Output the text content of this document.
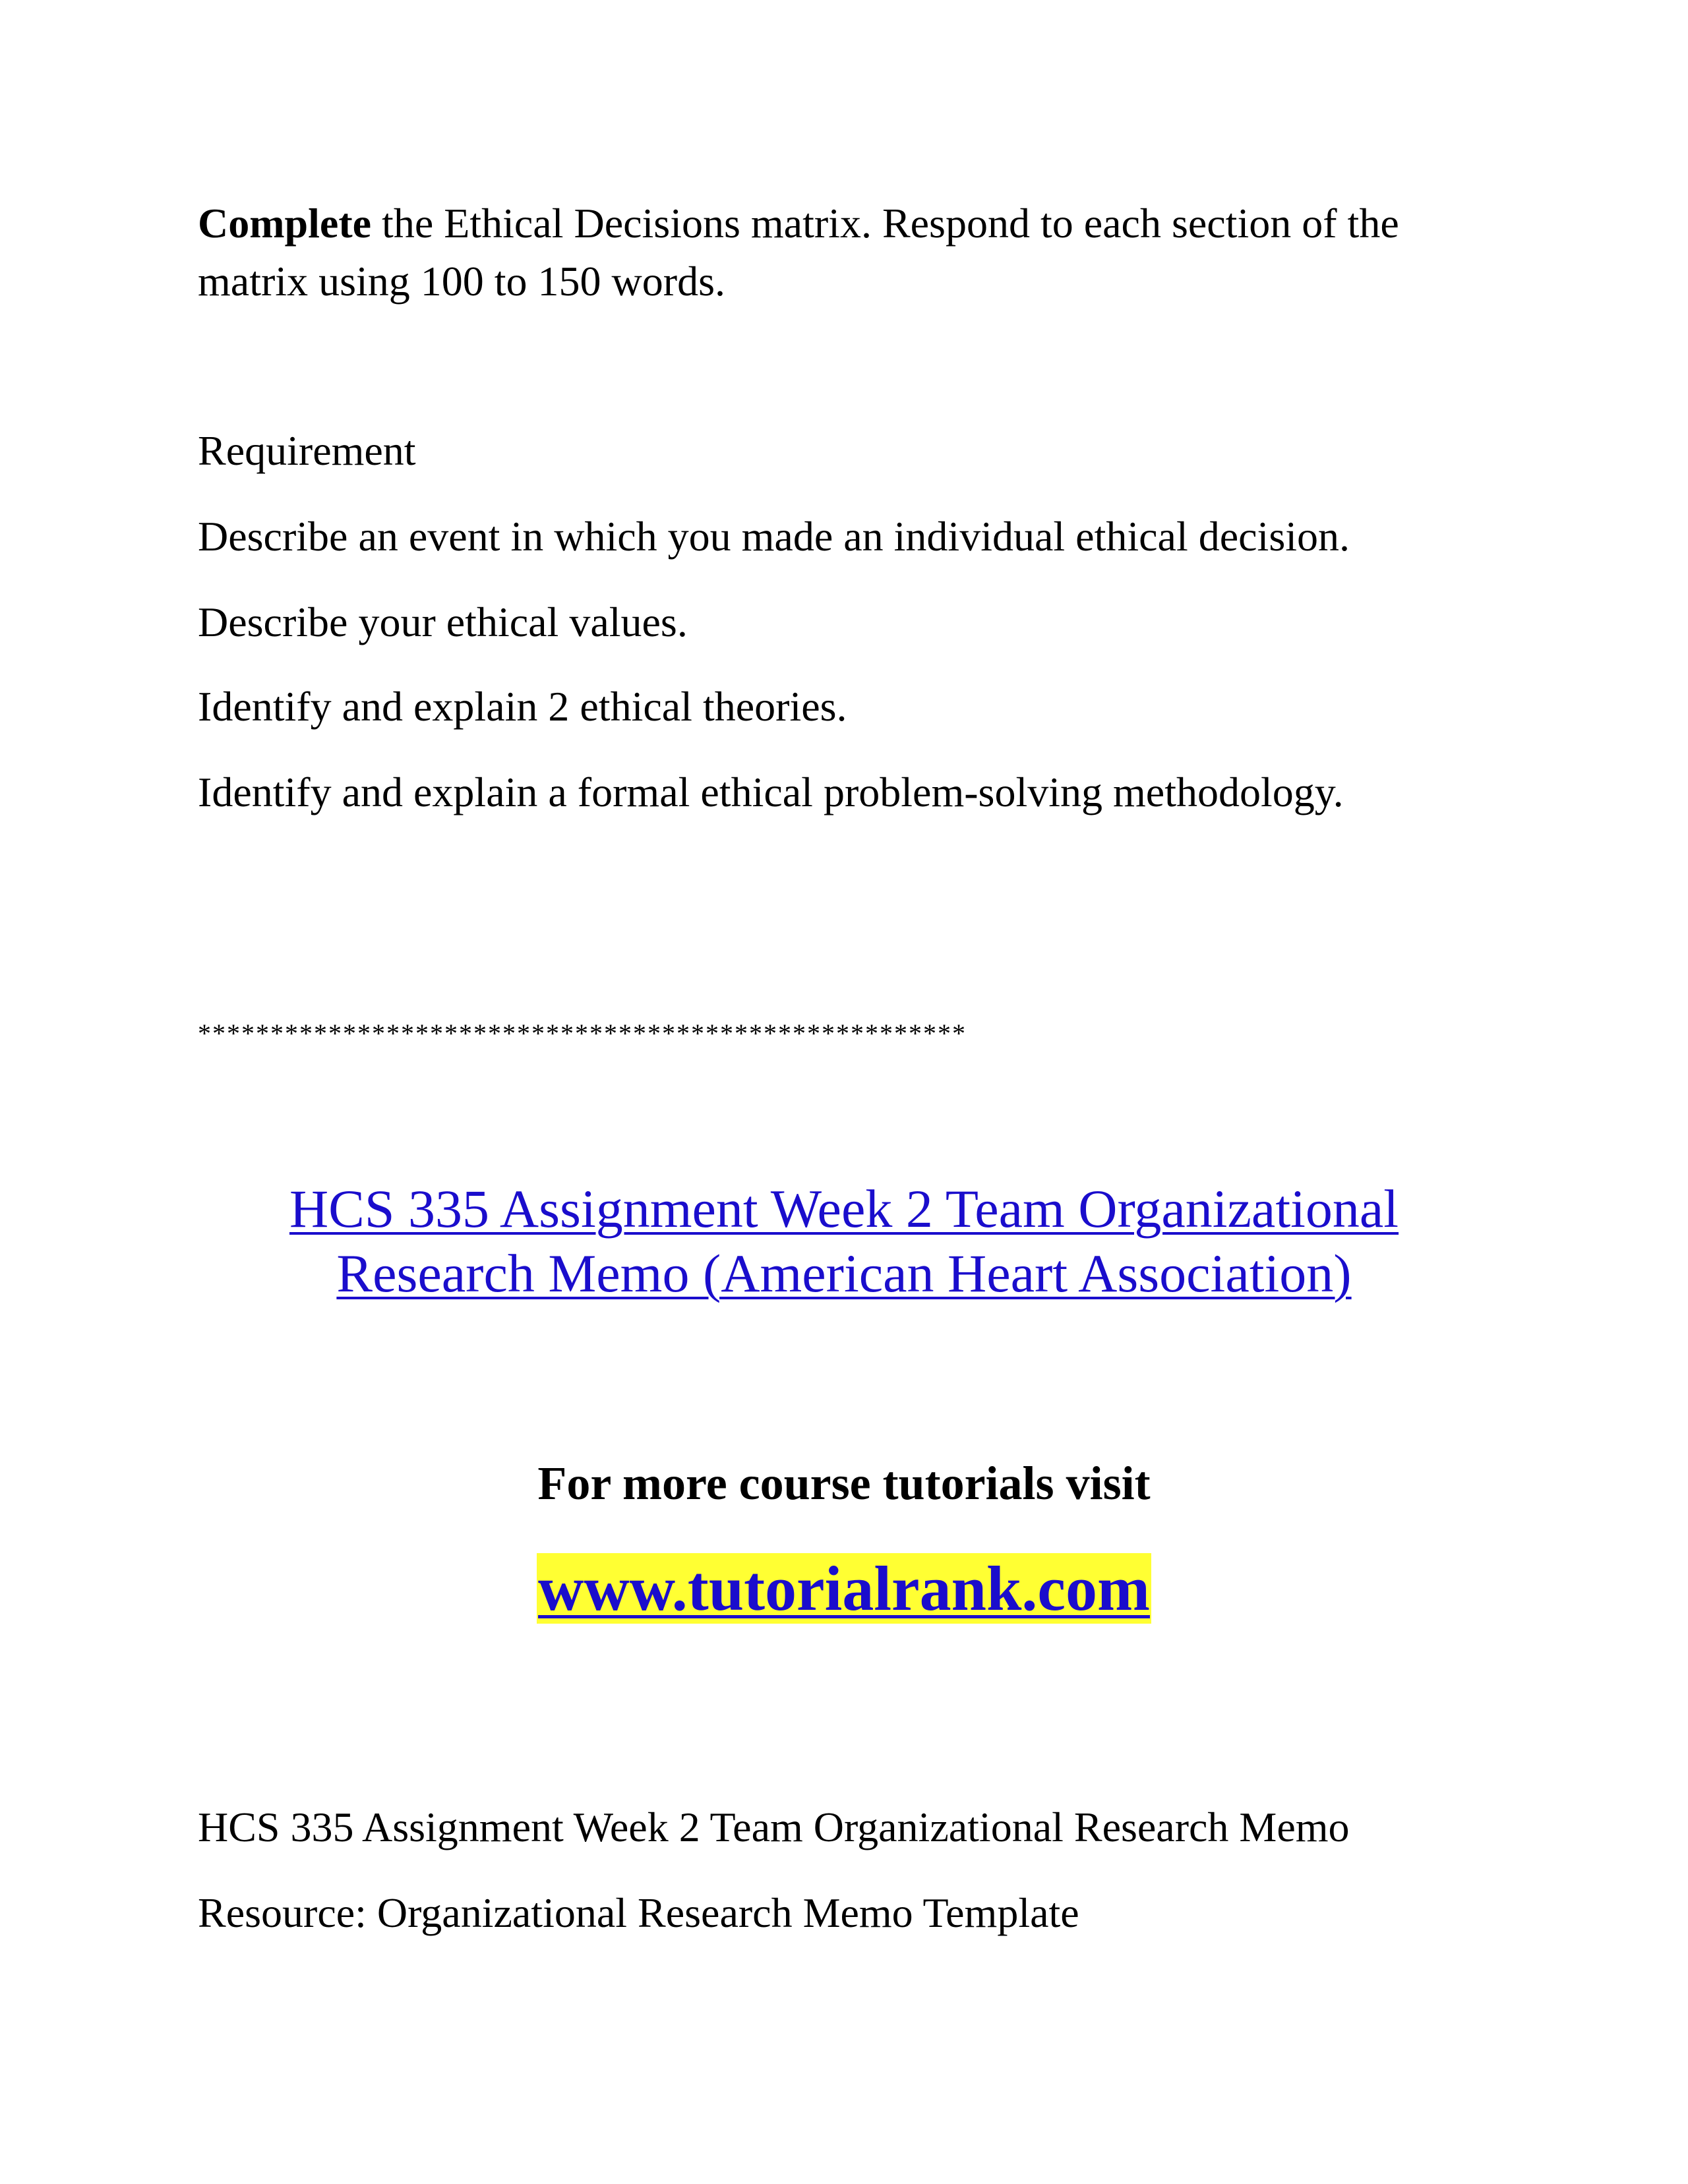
Complete the Ethical Decisions matrix. Respond to each section of the
matrix using 100 to 150 words.
Requirement
Describe an event in which you made an individual ethical decision.
Describe your ethical values.
Identify and explain 2 ethical theories.
Identify and explain a formal ethical problem-solving methodology.
*****************************************************
HCS 335 Assignment Week 2 Team Organizational
Research Memo (American Heart Association)
For more course tutorials visit
www.tutorialrank.com
HCS 335 Assignment Week 2 Team Organizational Research Memo
Resource: Organizational Research Memo Template
